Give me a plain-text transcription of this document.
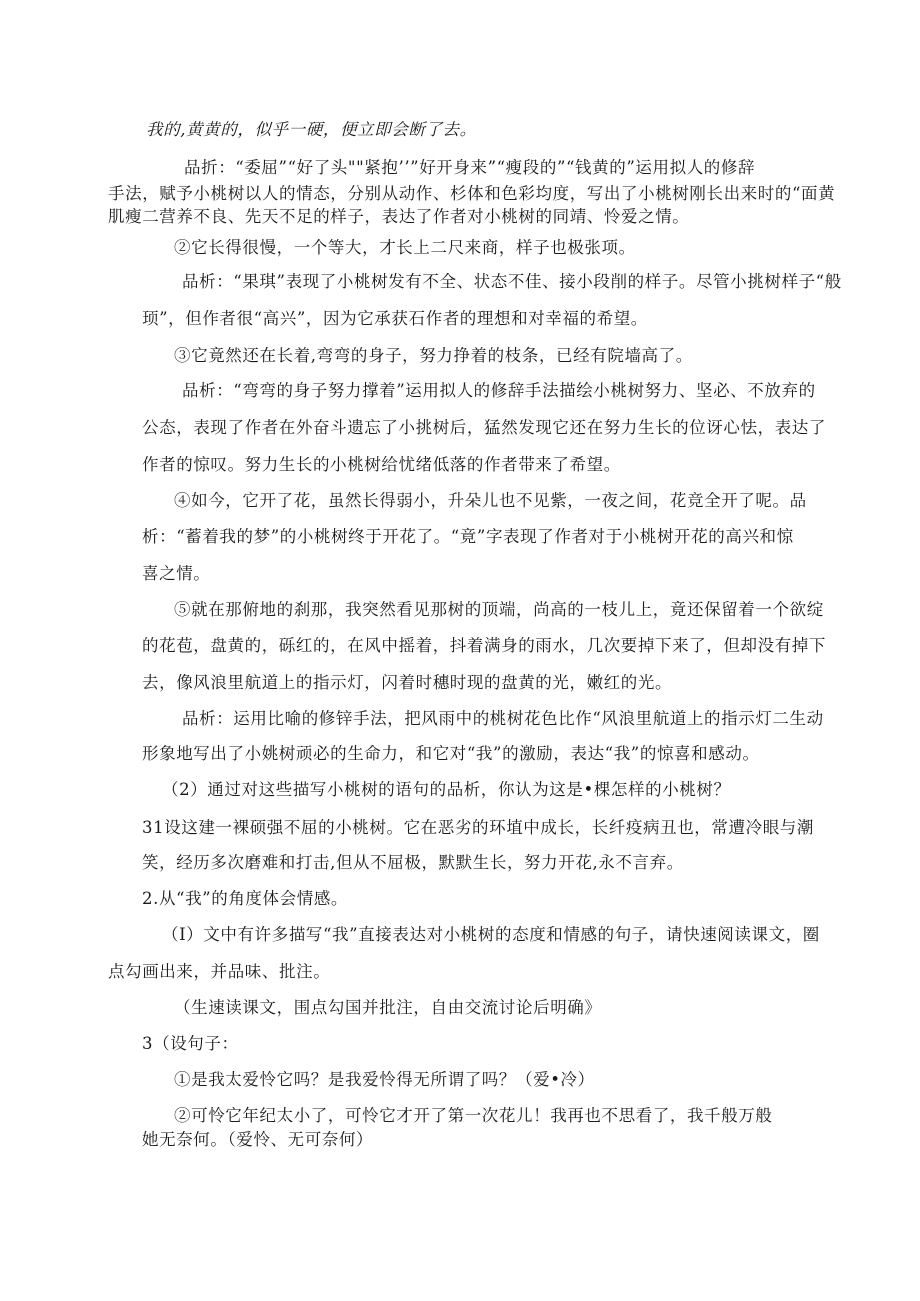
我的,黄黄的，似乎一硬，便立即会断了去。
品折：“委屈”“好了头""紧抱’’”好开身来”“瘦段的”“钱黄的”运用拟人的修辞
手法，赋予小桃树以人的情态，分别从动作、杉体和色彩均度，写出了小桃树刚长出来时的“面黄
肌瘦二营养不良、先天不足的样子，表达了作者对小桃树的同靖、怜爱之情。
②它长得很慢，一个等大，才长上二尺来商，样子也极张项。
品析：“果琪”表现了小桃树发有不全、状态不佳、接小段削的样子。尽管小挑树样子“般
顼”，但作者很“高兴”，因为它承获石作者的理想和对幸福的希望。
③它竟然还在长着,弯弯的身子，努力挣着的枝条，已经有院墙高了。
品析：“弯弯的身子努力撑着”运用拟人的修辞手法描绘小桃树努力、坚必、不放弃的
公态，表现了作者在外奋斗遗忘了小挑树后，猛然发现它还在努力生长的位讶心怯，表达了
作者的惊叹。努力生长的小桃树给忧绪低落的作者带来了希望。
④如今，它开了花，虽然长得弱小，升朵儿也不见紫，一夜之间，花竞全开了呢。品
析：“蓄着我的梦”的小桃树终于开花了。“竟”字表现了作者对于小桃树开花的高兴和惊
喜之情。
⑤就在那俯地的刹那，我突然看见那树的顶端，尚高的一枝儿上，竟还保留着一个欲绽
的花苞，盘黄的，砾红的，在风中摇着，抖着满身的雨水，几次要掉下来了，但却没有掉下
去，像风浪里航道上的指示灯，闪着时穗时现的盘黄的光，嫩红的光。
品析：运用比喻的修锌手法，把风雨中的桃树花色比作“风浪里航道上的指示灯二生动
形象地写出了小姚树顽必的生命力，和它对“我”的激励，表达“我”的惊喜和感动。
（2）通过对这些描写小桃树的语句的品析，你认为这是•棵怎样的小桃树？
31设这建一裸硕强不屈的小桃树。它在恶劣的环埴中成长，长纤疫病丑也，常遭冷眼与潮
笑，经历多次磨难和打击,但从不屈极，默默生长，努力开花,永不言弃。
2.从“我”的角度体会情感。
（I）文中有许多描写“我”直接表达对小桃树的态度和情感的句子，请快速阅读课文，圈
点勾画出来，并品味、批注。
（生速读课文，围点勾国并批注，自由交流讨论后明确》
3（设句子：
①是我太爱怜它吗？是我爱怜得无所谓了吗？（爱•冷）
②可怜它年纪太小了，可怜它才开了第一次花儿！我再也不思看了，我千般万般
她无奈何。（爱怜、无可奈何）
